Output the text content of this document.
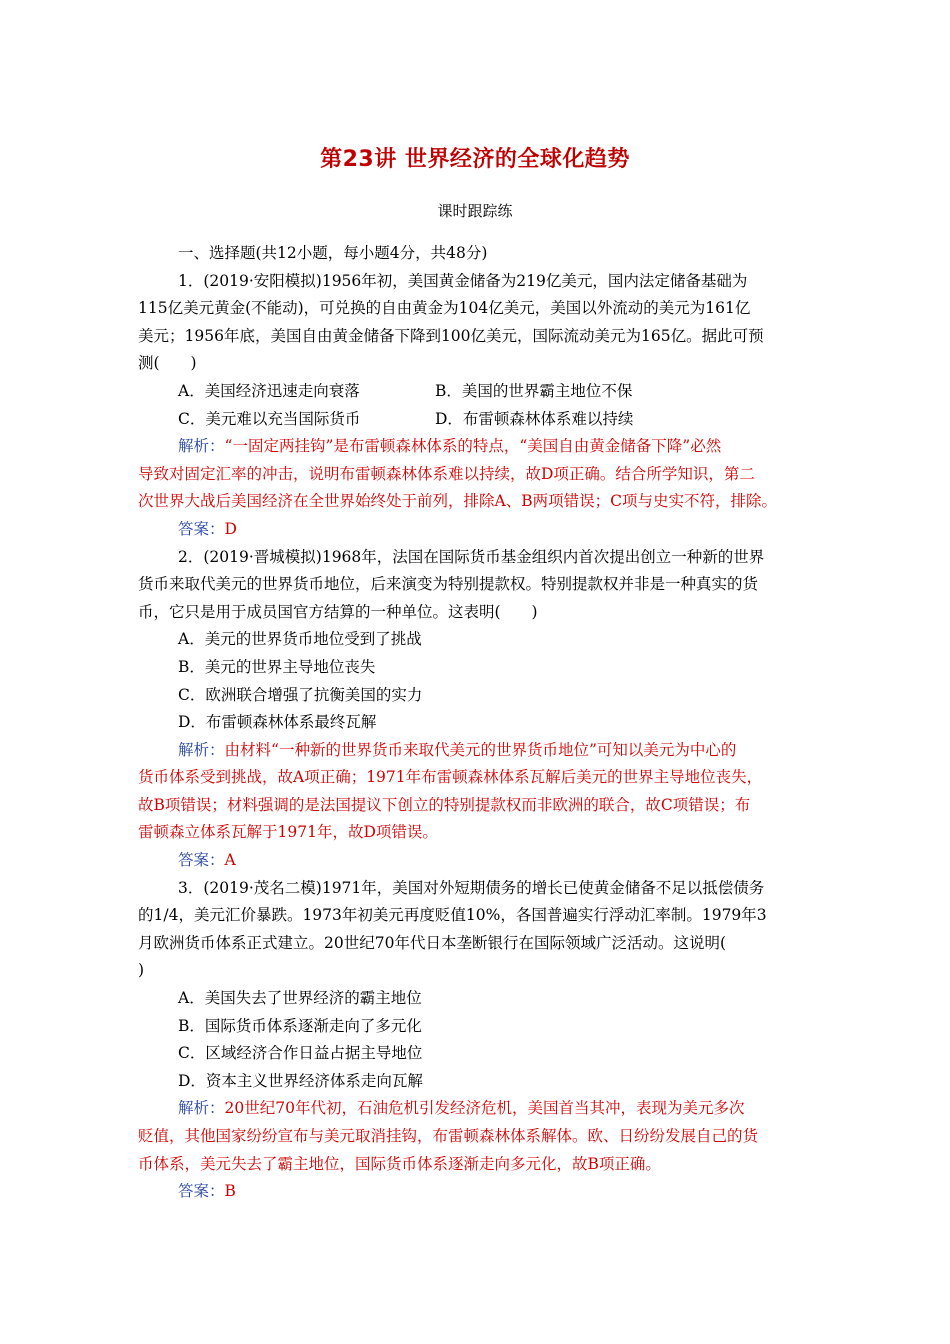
第23讲 世界经济的全球化趋势
课时跟踪练
一、选择题(共12小题，每小题4分，共48分)
1．(2019·安阳模拟)1956年初，美国黄金储备为219亿美元，国内法定储备基础为
115亿美元黄金(不能动)，可兑换的自由黄金为104亿美元，美国以外流动的美元为161亿
美元；1956年底，美国自由黄金储备下降到100亿美元，国际流动美元为165亿。据此可预
测(　　)
A．美国经济迅速走向衰落	B．美国的世界霸主地位不保
C．美元难以充当国际货币	D．布雷顿森林体系难以持续
解析：“一固定两挂钩”是布雷顿森林体系的特点，“美国自由黄金储备下降”必然
导致对固定汇率的冲击，说明布雷顿森林体系难以持续，故D项正确。结合所学知识，第二
次世界大战后美国经济在全世界始终处于前列，排除A、B两项错误；C项与史实不符，排除。
答案：D
2．(2019·晋城模拟)1968年，法国在国际货币基金组织内首次提出创立一种新的世界
货币来取代美元的世界货币地位，后来演变为特别提款权。特别提款权并非是一种真实的货
币，它只是用于成员国官方结算的一种单位。这表明(　　)
A．美元的世界货币地位受到了挑战
B．美元的世界主导地位丧失
C．欧洲联合增强了抗衡美国的实力
D．布雷顿森林体系最终瓦解
解析：由材料“一种新的世界货币来取代美元的世界货币地位”可知以美元为中心的
货币体系受到挑战，故A项正确；1971年布雷顿森林体系瓦解后美元的世界主导地位丧失，
故B项错误；材料强调的是法国提议下创立的特别提款权而非欧洲的联合，故C项错误；布
雷顿森立体系瓦解于1971年，故D项错误。
答案：A
3．(2019·茂名二模)1971年，美国对外短期债务的增长已使黄金储备不足以抵偿债务
的1/4，美元汇价暴跌。1973年初美元再度贬值10%，各国普遍实行浮动汇率制。1979年3
月欧洲货币体系正式建立。20世纪70年代日本垄断银行在国际领域广泛活动。这说明(
)
A．美国失去了世界经济的霸主地位
B．国际货币体系逐渐走向了多元化
C．区域经济合作日益占据主导地位
D．资本主义世界经济体系走向瓦解
解析：20世纪70年代初，石油危机引发经济危机，美国首当其冲，表现为美元多次
贬值，其他国家纷纷宣布与美元取消挂钩，布雷顿森林体系解体。欧、日纷纷发展自己的货
币体系，美元失去了霸主地位，国际货币体系逐渐走向多元化，故B项正确。
答案：B
